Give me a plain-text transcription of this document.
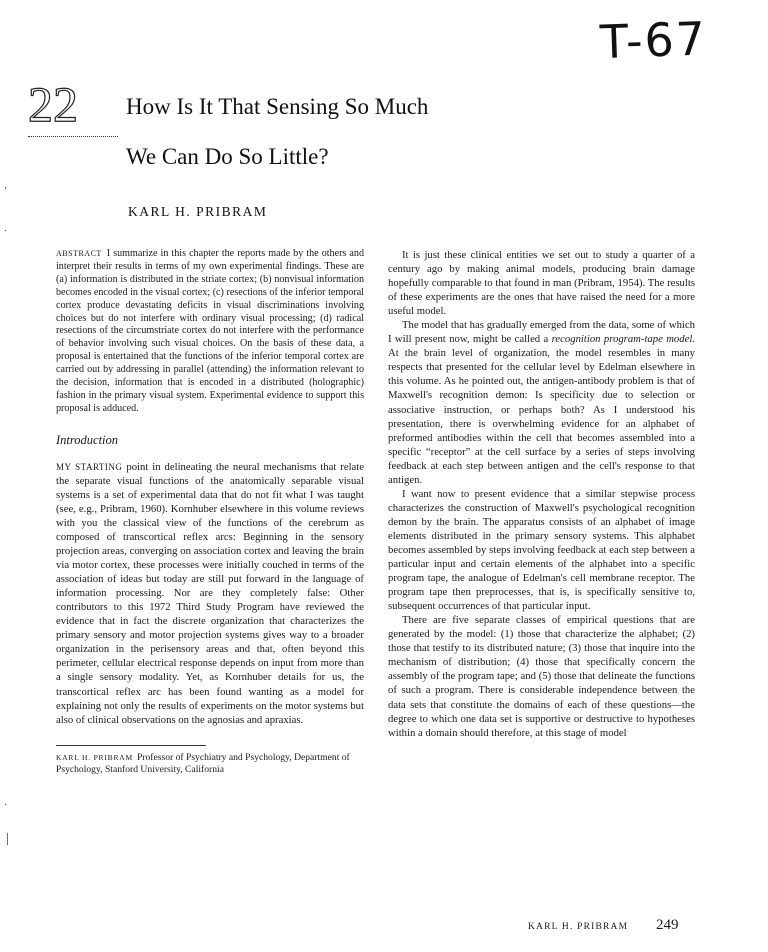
T-67
22	How Is It That Sensing So Much
We Can Do So Little?
KARL H. PRIBRAM
’
·
·
│

ABSTRACT I summarize in this chapter the reports made by the others and interpret their results in terms of my own experimental findings. These are (a) information is distributed in the striate cortex; (b) nonvisual information becomes encoded in the visual cortex; (c) resections of the inferior temporal cortex produce devastating deficits in visual discriminations involving choices but do not interfere with ordinary visual processing; (d) radical resections of the circumstriate cortex do not interfere with the performance of behavior involving such visual choices. On the basis of these data, a proposal is entertained that the functions of the inferior temporal cortex are carried out by addressing in parallel (attending) the information relevant to the decision, information that is encoded in a distributed (holographic) fashion in the primary visual system. Experimental evidence to support this proposal is adduced.

Introduction

MY STARTING point in delineating the neural mechanisms that relate the separate visual functions of the anatomically separable visual systems is a set of experimental data that do not fit what I was taught (see, e.g., Pribram, 1960). Kornhuber elsewhere in this volume reviews with you the classical view of the functions of the cerebrum as composed of transcortical reflex arcs: Beginning in the sensory projection areas, converging on association cortex and leaving the brain via motor cortex, these processes were initially couched in terms of the association of ideas but today are still put forward in the language of information processing. Nor are they completely false: Other contributors to this 1972 Third Study Program have reviewed the evidence that in fact the discrete organization that characterizes the primary sensory and motor projection systems gives way to a broader organization in the perisensory areas and that, often beyond this perimeter, cellular electrical response depends on input from more than a single sensory modality. Yet, as Kornhuber details for us, the transcortical reflex arc has been found wanting as a model for explaining not only the results of experiments on the motor systems but also of clinical observations on the agnosias and apraxias.

KARL H. PRIBRAM Professor of Psychiatry and Psychology, Department of Psychology, Stanford University, California

It is just these clinical entities we set out to study a quarter of a century ago by making animal models, producing brain damage hopefully comparable to that found in man (Pribram, 1954). The results of these experiments are the ones that have raised the need for a more useful model.

The model that has gradually emerged from the data, some of which I will present now, might be called a recognition program-tape model. At the brain level of organization, the model resembles in many respects that presented for the cellular level by Edelman elsewhere in this volume. As he pointed out, the antigen-antibody problem is that of Maxwell's recognition demon: Is specificity due to selection or associative instruction, or perhaps both? As I understood his presentation, there is overwhelming evidence for an alphabet of preformed antibodies within the cell that becomes assembled into a specific “receptor” at the cell surface by a series of steps involving feedback at each step between antigen and the cell's response to that antigen.

I want now to present evidence that a similar stepwise process characterizes the construction of Maxwell's psychological recognition demon by the brain. The apparatus consists of an alphabet of image elements distributed in the primary sensory systems. This alphabet becomes assembled by steps involving feedback at each step between a particular input and certain elements of the alphabet into a specific program tape, the analogue of Edelman's cell membrane receptor. The program tape then preprocesses, that is, is specifically sensitive to, subsequent occurrences of that particular input.

There are five separate classes of empirical questions that are generated by the model: (1) those that characterize the alphabet; (2) those that testify to its distributed nature; (3) those that inquire into the mechanism of distribution; (4) those that specifically concern the assembly of the program tape; and (5) those that delineate the functions of such a program. There is considerable independence between the data sets that constitute the domains of each of these questions—the degree to which one data set is supportive or destructive to hypotheses within a domain should therefore, at this stage of model

KARL H. PRIBRAM	249
